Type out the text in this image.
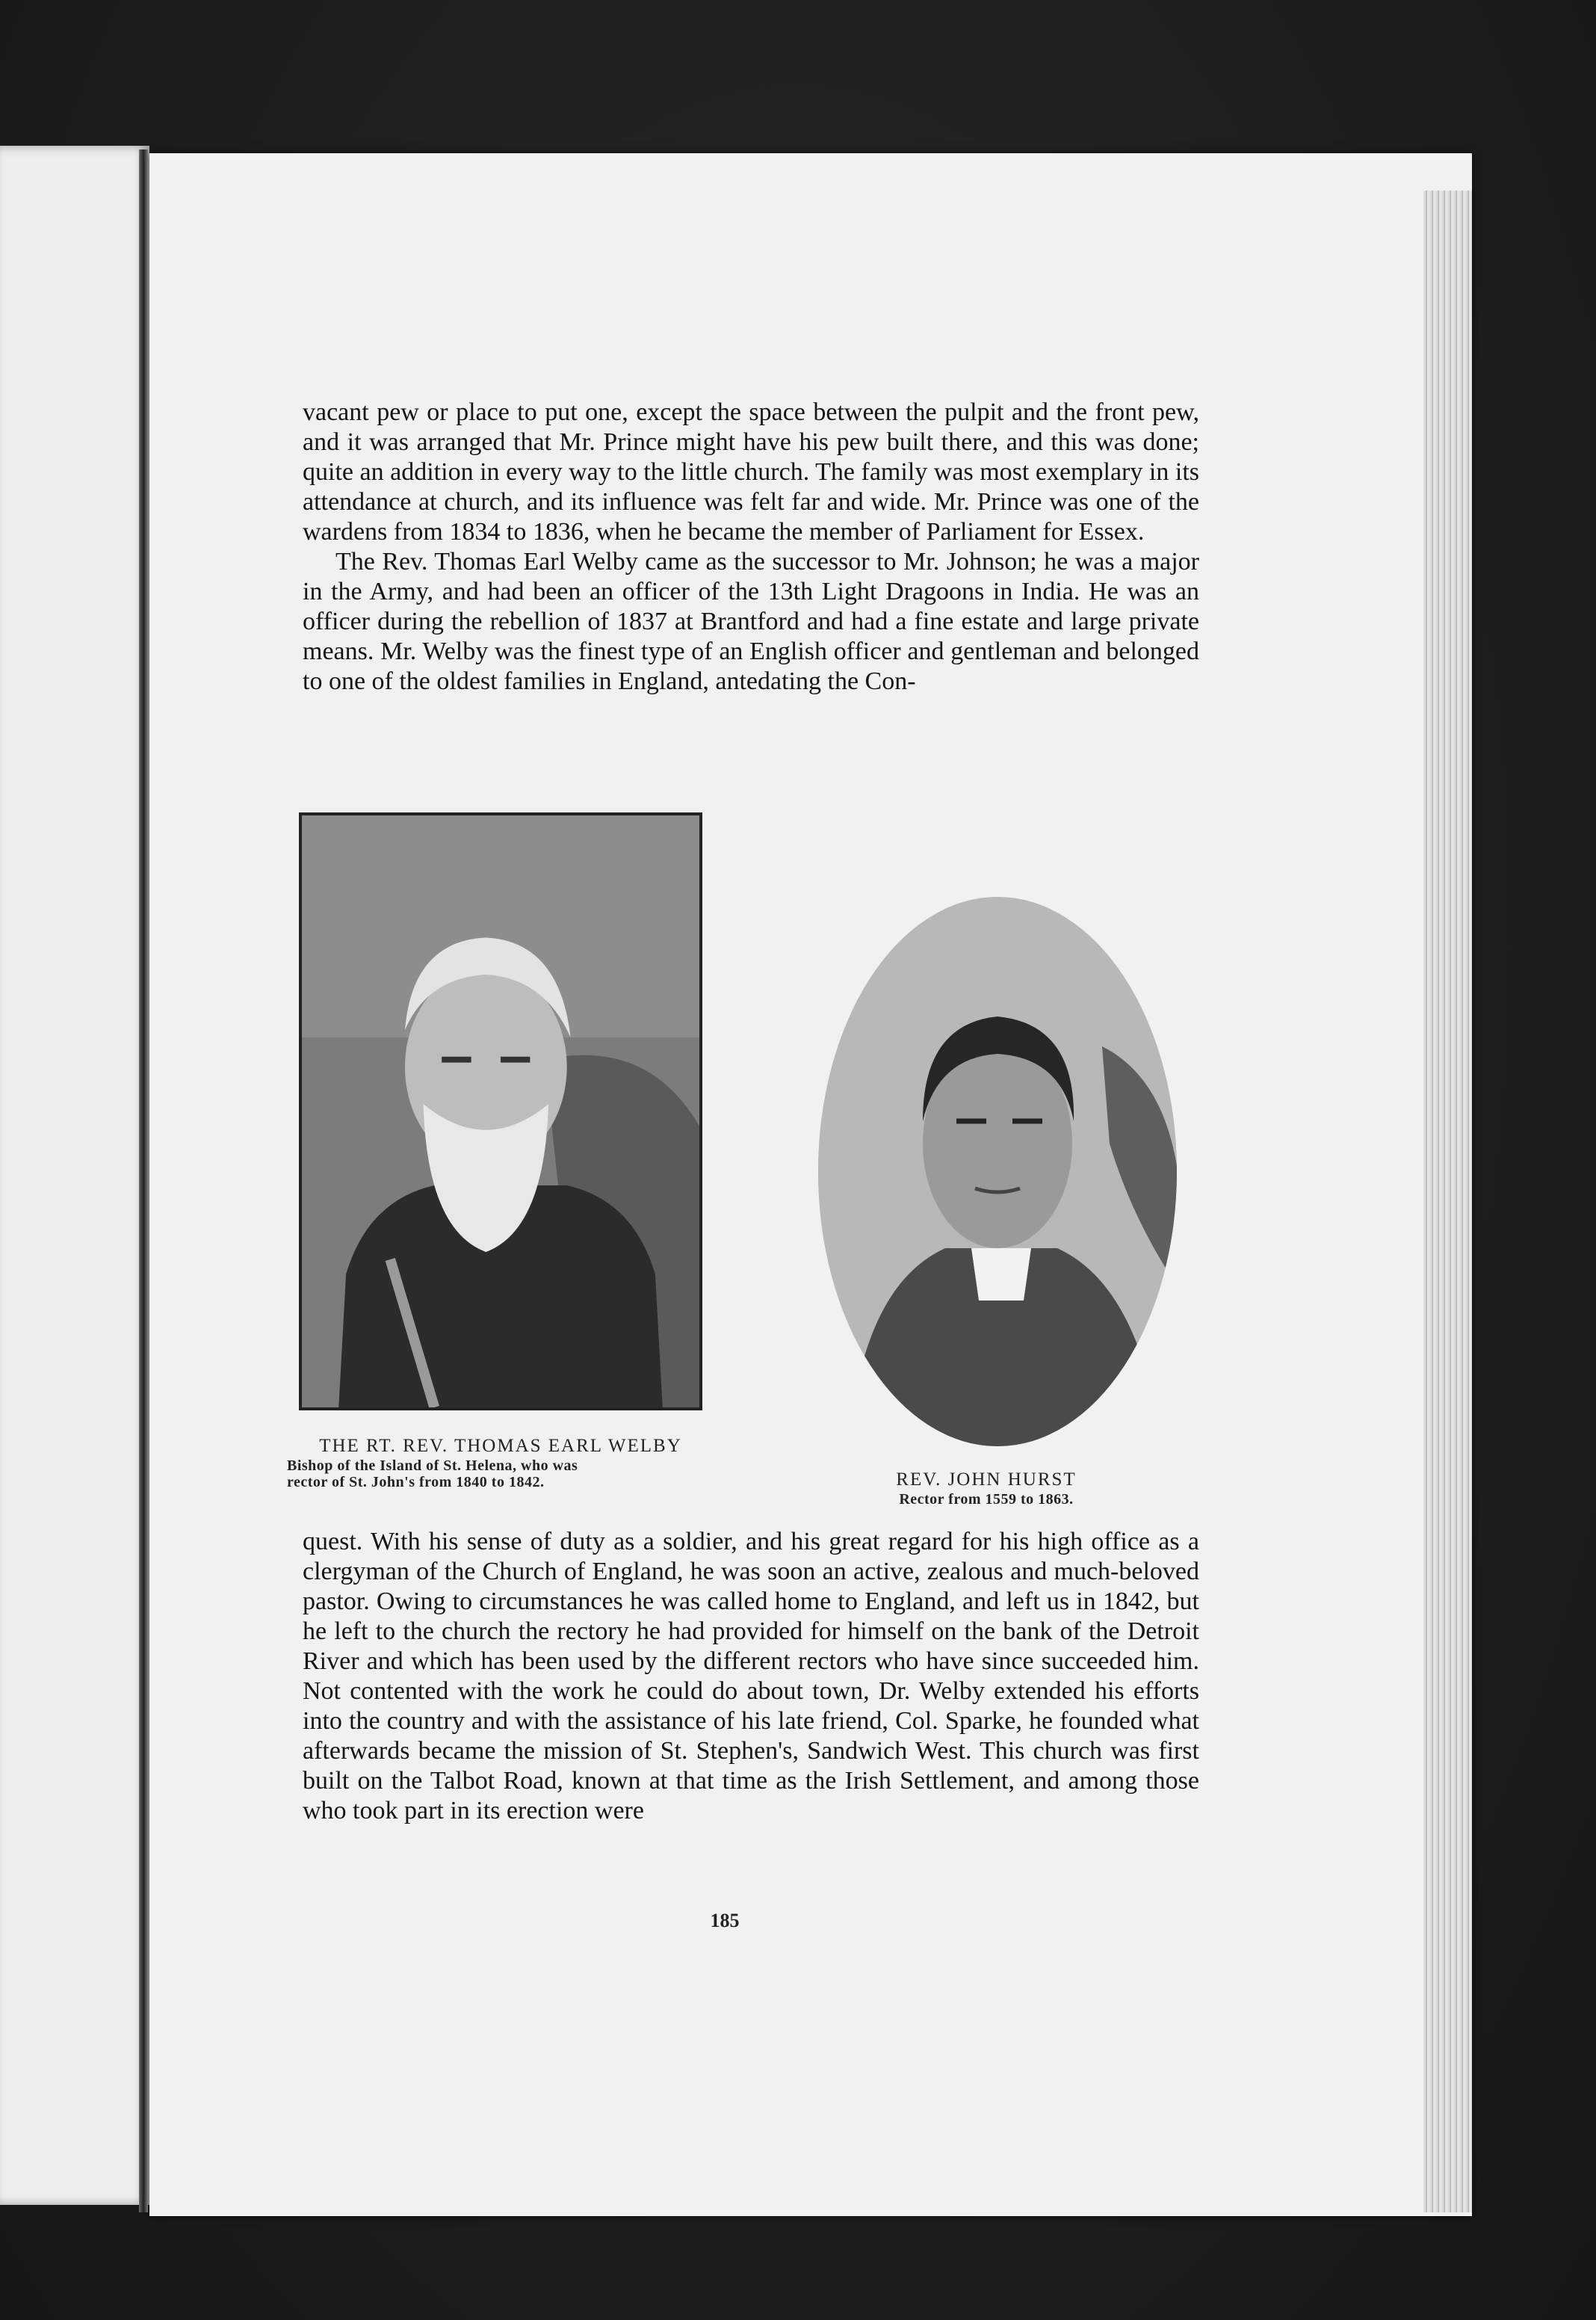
vacant pew or place to put one, except the space between the pulpit and the front pew, and it was arranged that Mr. Prince might have his pew built there, and this was done; quite an addition in every way to the little church. The family was most exemplary in its attendance at church, and its influence was felt far and wide. Mr. Prince was one of the wardens from 1834 to 1836, when he became the member of Parliament for Essex.

The Rev. Thomas Earl Welby came as the successor to Mr. Johnson; he was a major in the Army, and had been an officer of the 13th Light Dragoons in India. He was an officer during the rebellion of 1837 at Brantford and had a fine estate and large private means. Mr. Welby was the finest type of an English officer and gentleman and belonged to one of the oldest families in England, antedating the Con-

THE RT. REV. THOMAS EARL WELBY
Bishop of the Island of St. Helena, who was
rector of St. John's from 1840 to 1842.	REV. JOHN HURST
Rector from 1559 to 1863.

quest. With his sense of duty as a soldier, and his great regard for his high office as a clergyman of the Church of England, he was soon an active, zealous and much-beloved pastor. Owing to circumstances he was called home to England, and left us in 1842, but he left to the church the rectory he had provided for himself on the bank of the Detroit River and which has been used by the different rectors who have since succeeded him. Not contented with the work he could do about town, Dr. Welby extended his efforts into the country and with the assistance of his late friend, Col. Sparke, he founded what afterwards became the mission of St. Stephen's, Sandwich West. This church was first built on the Talbot Road, known at that time as the Irish Settlement, and among those who took part in its erection were

185
